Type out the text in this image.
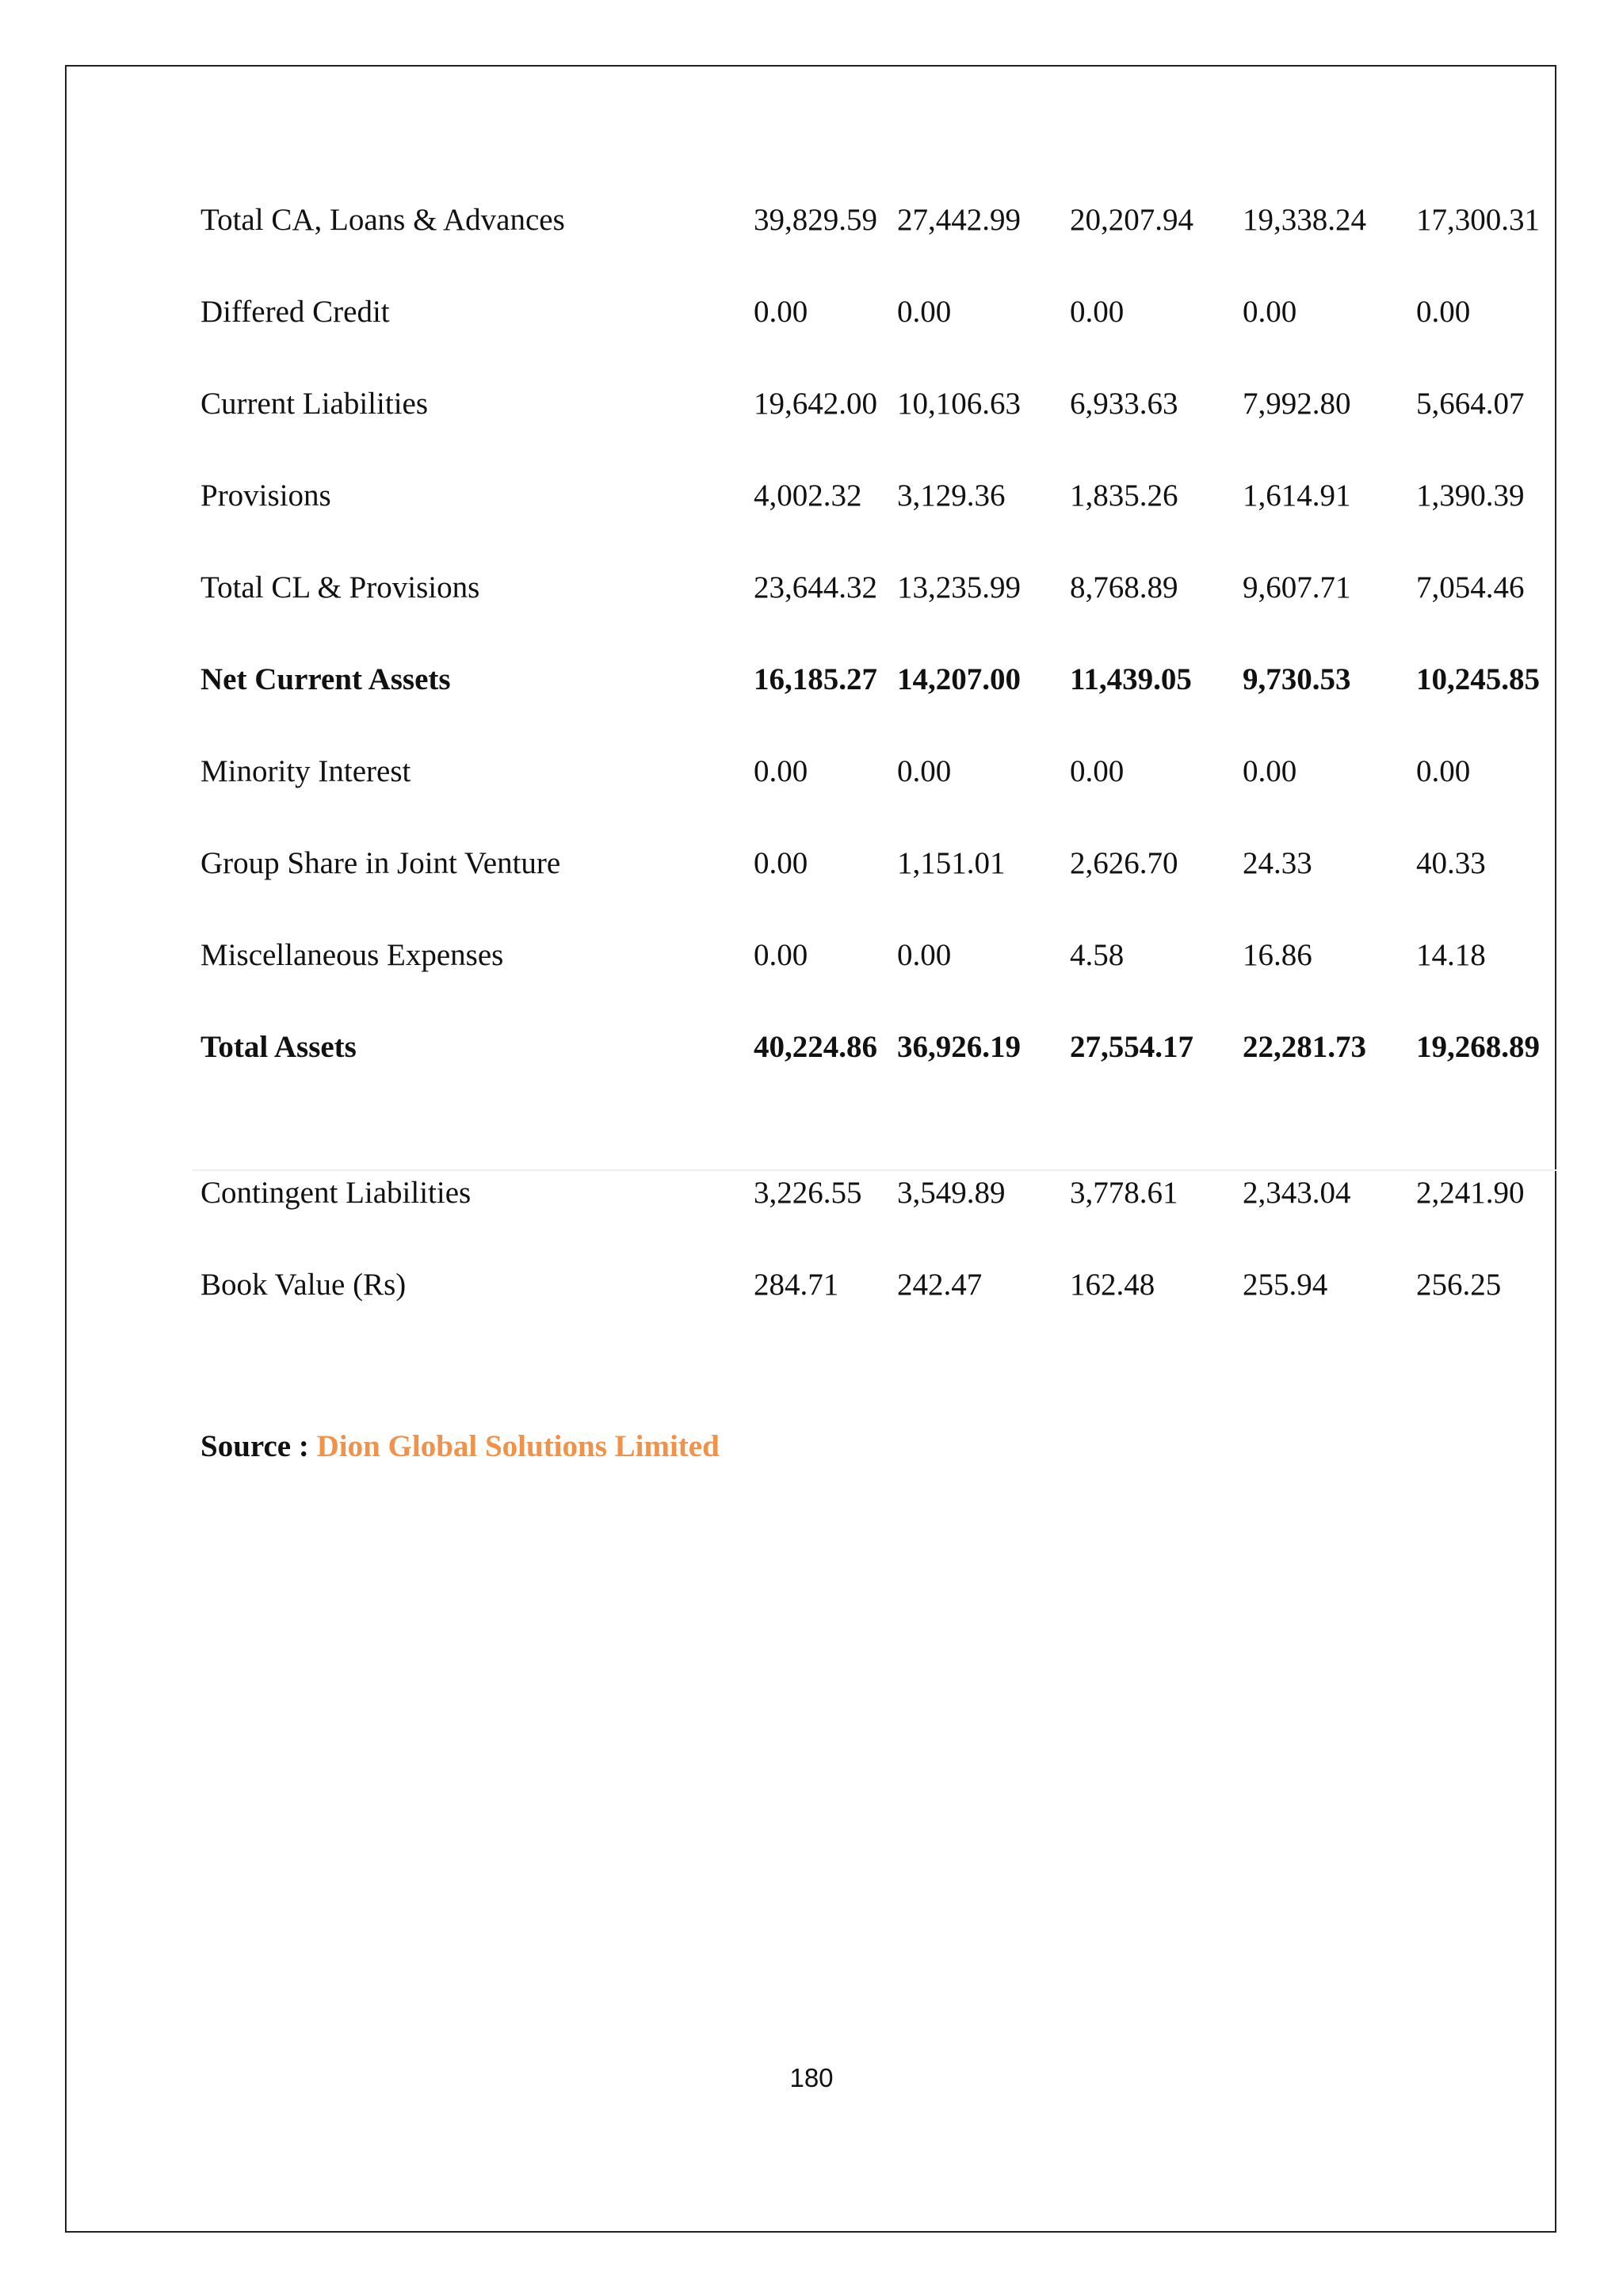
Total CA, Loans & Advances	39,829.59 27,442.99 20,207.94 19,338.24 17,300.31
Differed Credit	0.00	0.00	0.00	0.00	0.00
Current Liabilities	19,642.00 10,106.63 6,933.63 7,992.80 5,664.07
Provisions	4,002.32 3,129.36 1,835.26 1,614.91 1,390.39
Total CL & Provisions	23,644.32 13,235.99 8,768.89 9,607.71 7,054.46
Net Current Assets	16,185.27 14,207.00 11,439.05 9,730.53 10,245.85
Minority Interest	0.00	0.00	0.00	0.00	0.00
Group Share in Joint Venture	0.00	1,151.01 2,626.70 24.33	40.33
Miscellaneous Expenses	0.00	0.00	4.58	16.86	14.18
Total Assets	40,224.86 36,926.19 27,554.17 22,281.73 19,268.89
Contingent Liabilities	3,226.55 3,549.89 3,778.61 2,343.04 2,241.90
Book Value (Rs)	284.71 242.47	162.48	255.94	256.25
Source : Dion Global Solutions Limited
180
